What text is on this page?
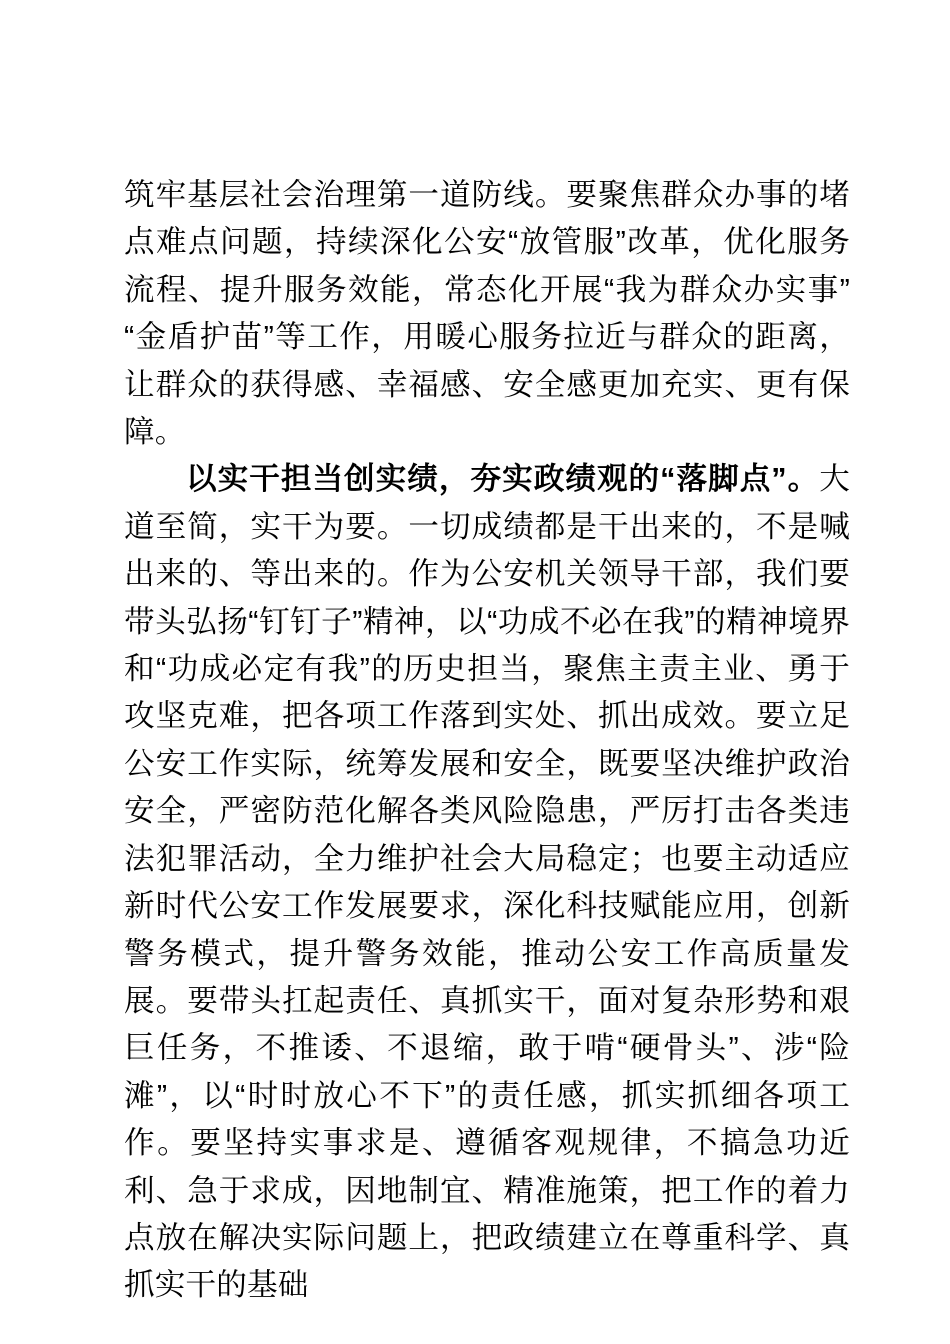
筑牢基层社会治理第一道防线。要聚焦群众办事的堵点难点问题，持续深化公安“放管服”改革，优化服务流程、提升服务效能，常态化开展“我为群众办实事”“金盾护苗”等工作，用暖心服务拉近与群众的距离，让群众的获得感、幸福感、安全感更加充实、更有保障。

以实干担当创实绩，夯实政绩观的“落脚点”。大道至简，实干为要。一切成绩都是干出来的，不是喊出来的、等出来的。作为公安机关领导干部，我们要带头弘扬“钉钉子”精神，以“功成不必在我”的精神境界和“功成必定有我”的历史担当，聚焦主责主业、勇于攻坚克难，把各项工作落到实处、抓出成效。要立足公安工作实际，统筹发展和安全，既要坚决维护政治安全，严密防范化解各类风险隐患，严厉打击各类违法犯罪活动，全力维护社会大局稳定；也要主动适应新时代公安工作发展要求，深化科技赋能应用，创新警务模式，提升警务效能，推动公安工作高质量发展。要带头扛起责任、真抓实干，面对复杂形势和艰巨任务，不推诿、不退缩，敢于啃“硬骨头”、涉“险滩”，以“时时放心不下”的责任感，抓实抓细各项工作。要坚持实事求是、遵循客观规律，不搞急功近利、急于求成，因地制宜、精准施策，把工作的着力点放在解决实际问题上，把政绩建立在尊重科学、真抓实干的基础
